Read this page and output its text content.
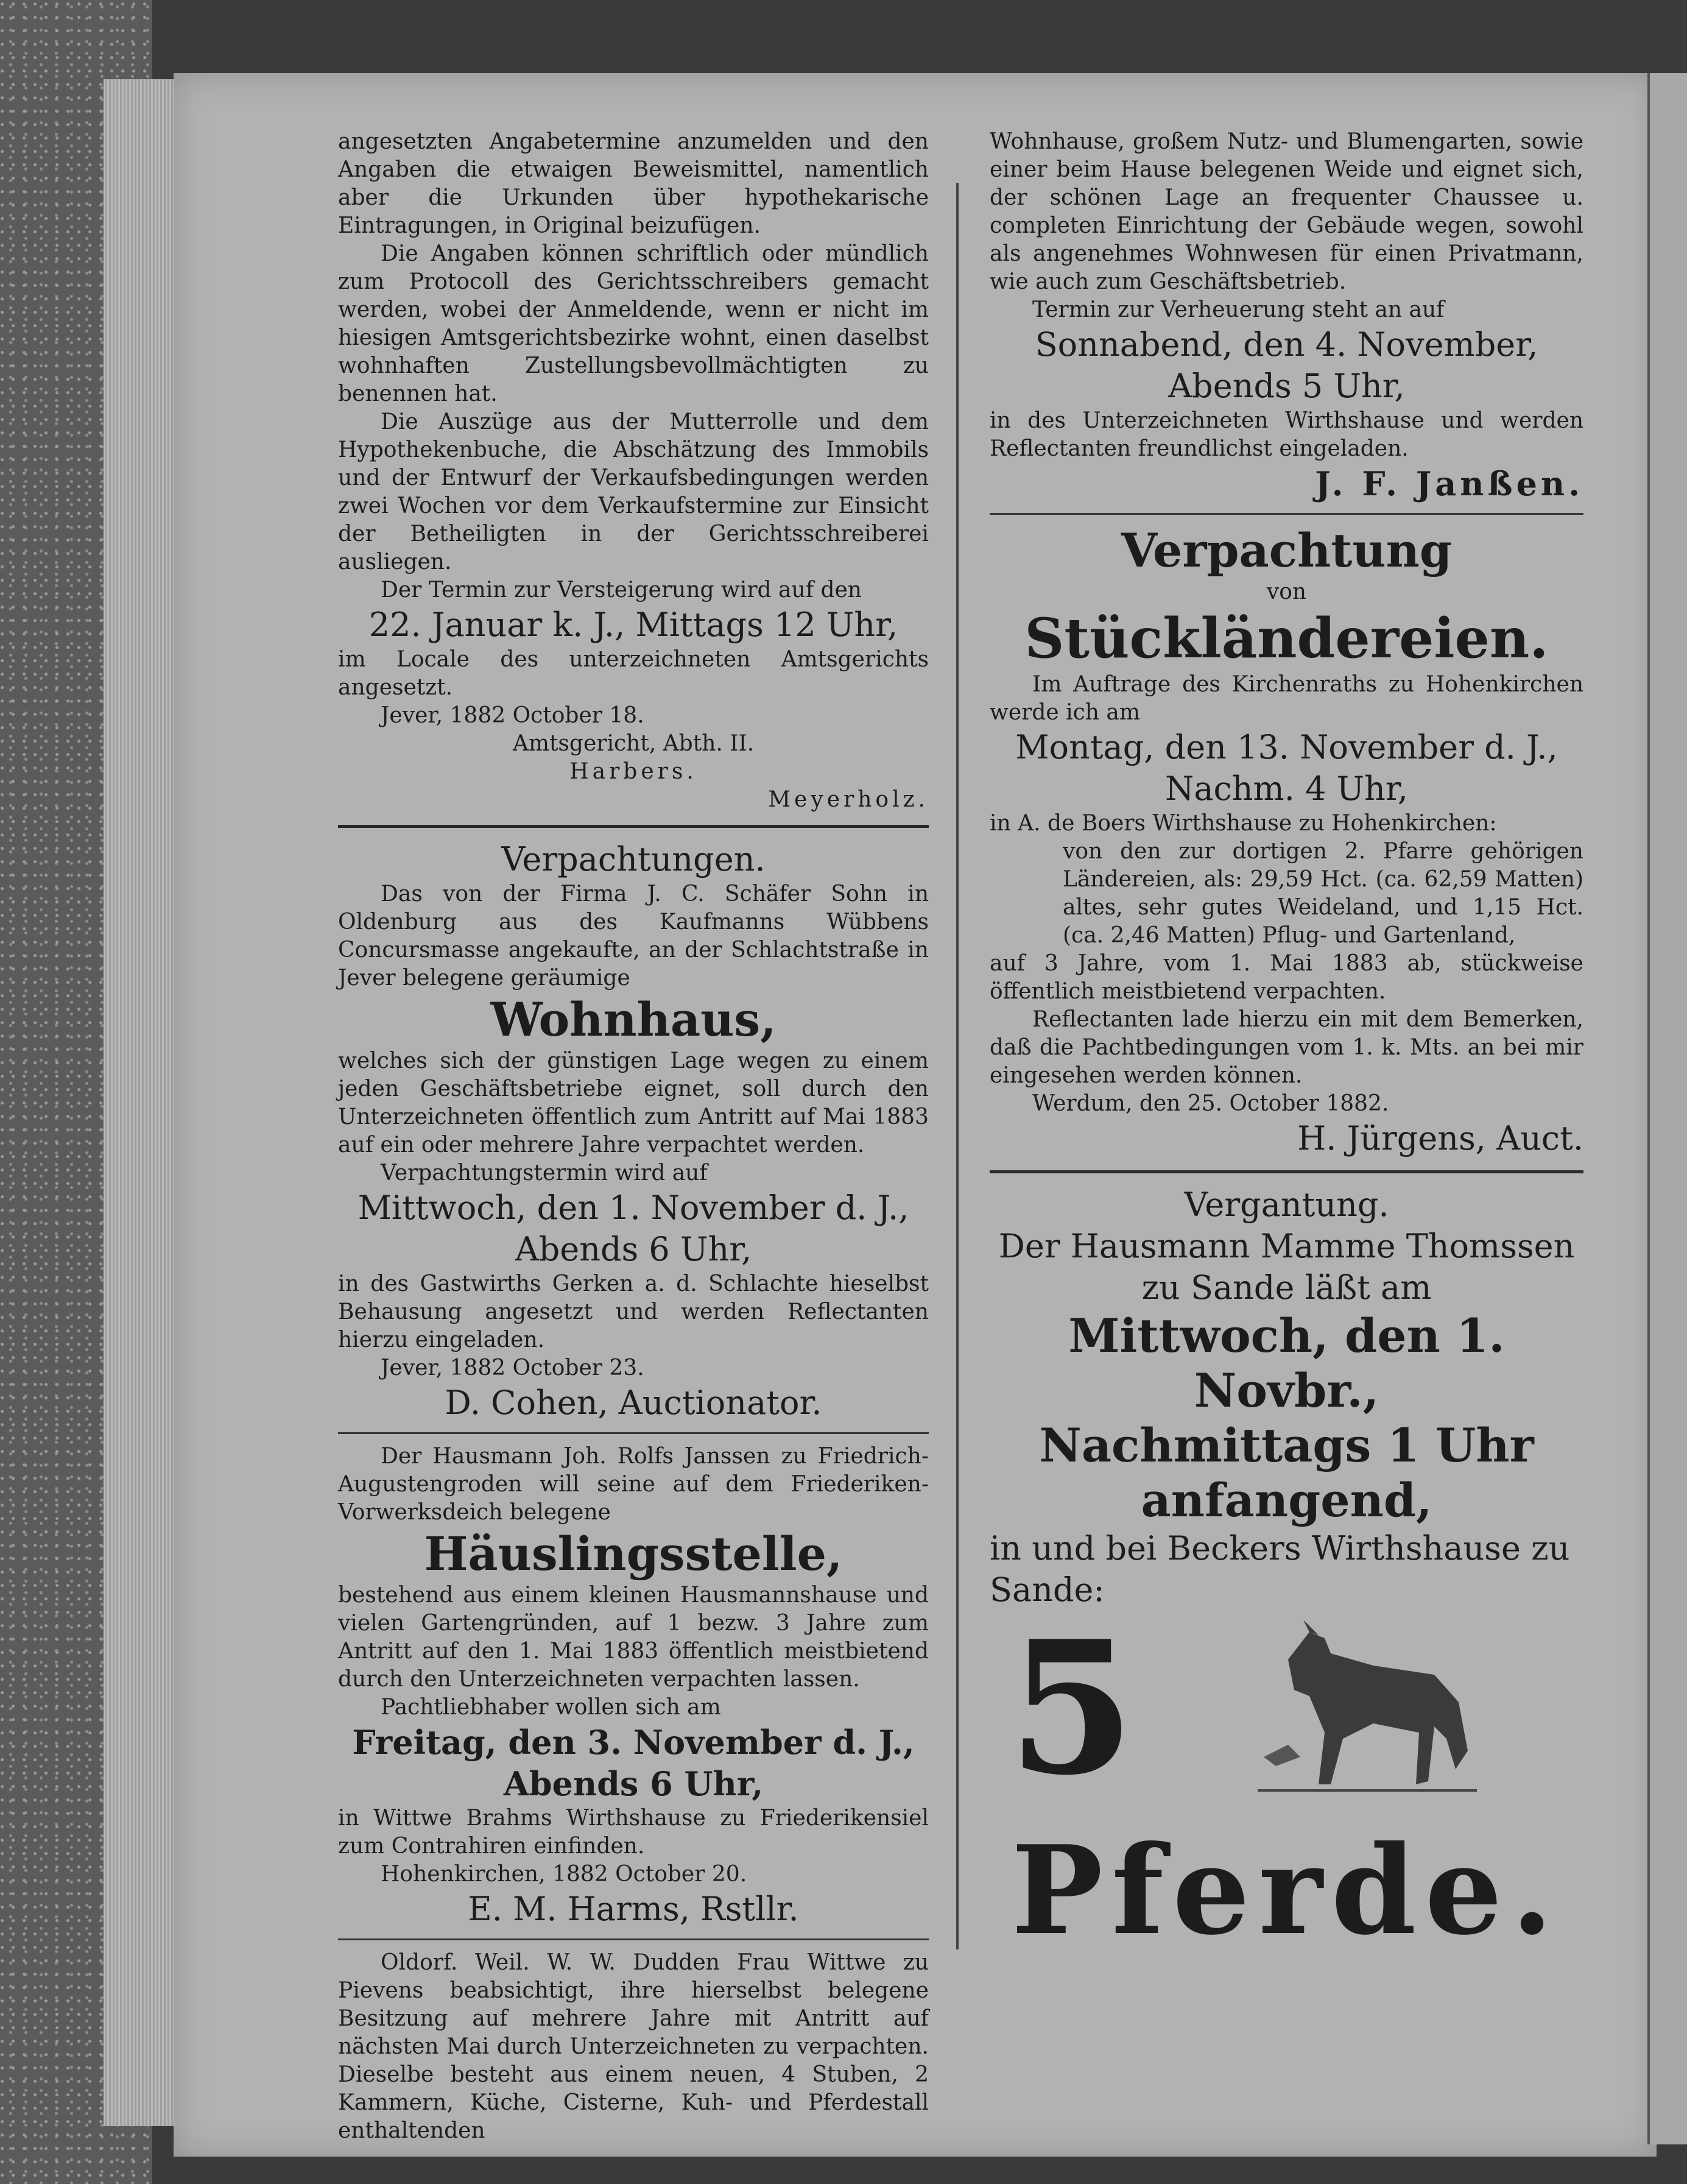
angesetzten Angabetermine anzumelden und den Angaben die etwaigen Beweismittel, namentlich aber die Urkunden über hypothekarische Eintragungen, in Original beizufügen.

Die Angaben können schriftlich oder mündlich zum Protocoll des Gerichtsschreibers gemacht werden, wobei der Anmeldende, wenn er nicht im hiesigen Amtsgerichtsbezirke wohnt, einen daselbst wohnhaften Zustellungsbevollmächtigten zu benennen hat.

Die Auszüge aus der Mutterrolle und dem Hypothekenbuche, die Abschätzung des Immobils und der Entwurf der Verkaufsbedingungen werden zwei Wochen vor dem Verkaufstermine zur Einsicht der Betheiligten in der Gerichtsschreiberei ausliegen.

Der Termin zur Versteigerung wird auf den

22. Januar k. J., Mittags 12 Uhr,

im Locale des unterzeichneten Amtsgerichts angesetzt.

Jever, 1882 October 18.

Amtsgericht, Abth. II.

Harbers.

Meyerholz.

Verpachtungen.

Das von der Firma J. C. Schäfer Sohn in Oldenburg aus des Kaufmanns Wübbens Concursmasse angekaufte, an der Schlachtstraße in Jever belegene geräumige

Wohnhaus,

welches sich der günstigen Lage wegen zu einem jeden Geschäftsbetriebe eignet, soll durch den Unterzeichneten öffentlich zum Antritt auf Mai 1883 auf ein oder mehrere Jahre verpachtet werden.

Verpachtungstermin wird auf

Mittwoch, den 1. November d. J.,

Abends 6 Uhr,

in des Gastwirths Gerken a. d. Schlachte hieselbst Behausung angesetzt und werden Reflectanten hierzu eingeladen.

Jever, 1882 October 23.

D. Cohen, Auctionator.

Der Hausmann Joh. Rolfs Janssen zu Friedrich-Augustengroden will seine auf dem Friederiken-Vorwerksdeich belegene

Häuslingsstelle,

bestehend aus einem kleinen Hausmannshause und vielen Gartengründen, auf 1 bezw. 3 Jahre zum Antritt auf den 1. Mai 1883 öffentlich meistbietend durch den Unterzeichneten verpachten lassen.

Pachtliebhaber wollen sich am

Freitag, den 3. November d. J.,

Abends 6 Uhr,

in Wittwe Brahms Wirthshause zu Friederikensiel zum Contrahiren einfinden.

Hohenkirchen, 1882 October 20.

E. M. Harms, Rstllr.

Oldorf. Weil. W. W. Dudden Frau Wittwe zu Pievens beabsichtigt, ihre hierselbst belegene Besitzung auf mehrere Jahre mit Antritt auf nächsten Mai durch Unterzeichneten zu verpachten. Dieselbe besteht aus einem neuen, 4 Stuben, 2 Kammern, Küche, Cisterne, Kuh- und Pferdestall enthaltenden

Wohnhause, großem Nutz- und Blumengarten, sowie einer beim Hause belegenen Weide und eignet sich, der schönen Lage an frequenter Chaussee u. completen Einrichtung der Gebäude wegen, sowohl als angenehmes Wohnwesen für einen Privatmann, wie auch zum Geschäftsbetrieb.

Termin zur Verheuerung steht an auf

Sonnabend, den 4. November,

Abends 5 Uhr,

in des Unterzeichneten Wirthshause und werden Reflectanten freundlichst eingeladen.

J. F. Janßen.

Verpachtung

von

Stückländereien.

Im Auftrage des Kirchenraths zu Hohenkirchen werde ich am

Montag, den 13. November d. J.,

Nachm. 4 Uhr,

in A. de Boers Wirthshause zu Hohenkirchen:

von den zur dortigen 2. Pfarre gehörigen Ländereien, als: 29,59 Hct. (ca. 62,59 Matten) altes, sehr gutes Weideland, und 1,15 Hct. (ca. 2,46 Matten) Pflug- und Gartenland,

auf 3 Jahre, vom 1. Mai 1883 ab, stückweise öffentlich meistbietend verpachten.

Reflectanten lade hierzu ein mit dem Bemerken, daß die Pachtbedingungen vom 1. k. Mts. an bei mir eingesehen werden können.

Werdum, den 25. October 1882.

H. Jürgens, Auct.

Vergantung.

Der Hausmann Mamme Thomssen zu Sande läßt am

Mittwoch, den 1. Novbr.,

Nachmittags 1 Uhr

anfangend,

in und bei Beckers Wirthshause zu Sande:

5

Pferde.
